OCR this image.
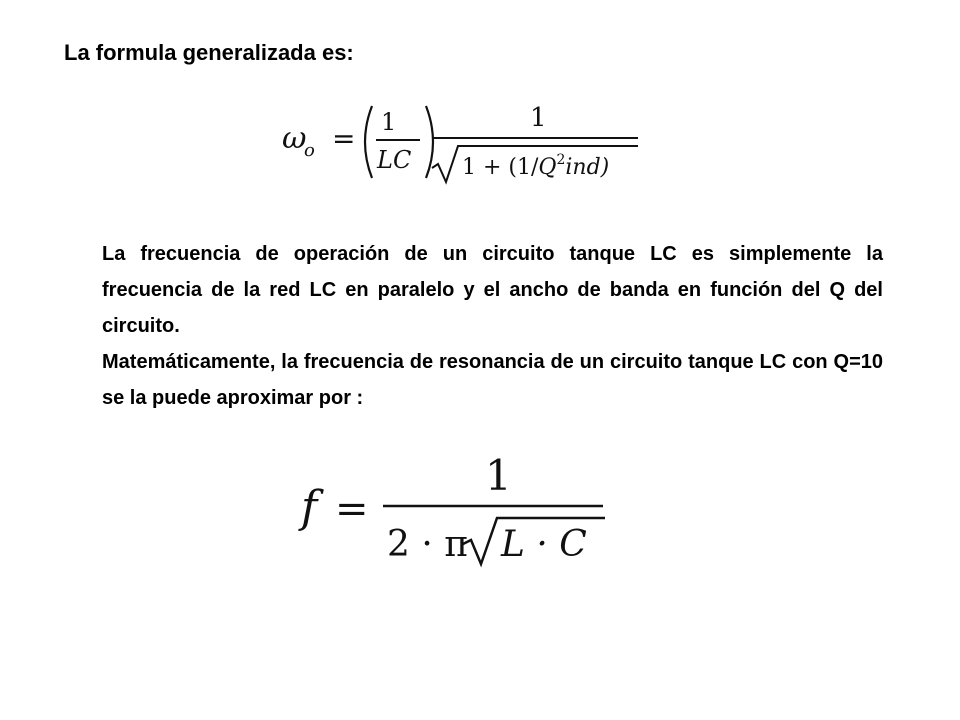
La formula generalizada es:
ω
o = 1
LC
1
$1 + (1/Q^2ind)$

La frecuencia de operación de un circuito tanque LC es simplemente la frecuencia de la red LC en paralelo y el ancho de banda en función del Q del circuito.

Matemáticamente, la frecuencia de resonancia de un circuito tanque LC con Q=10 se la puede aproximar por :

f =
1
2 · π L · C
